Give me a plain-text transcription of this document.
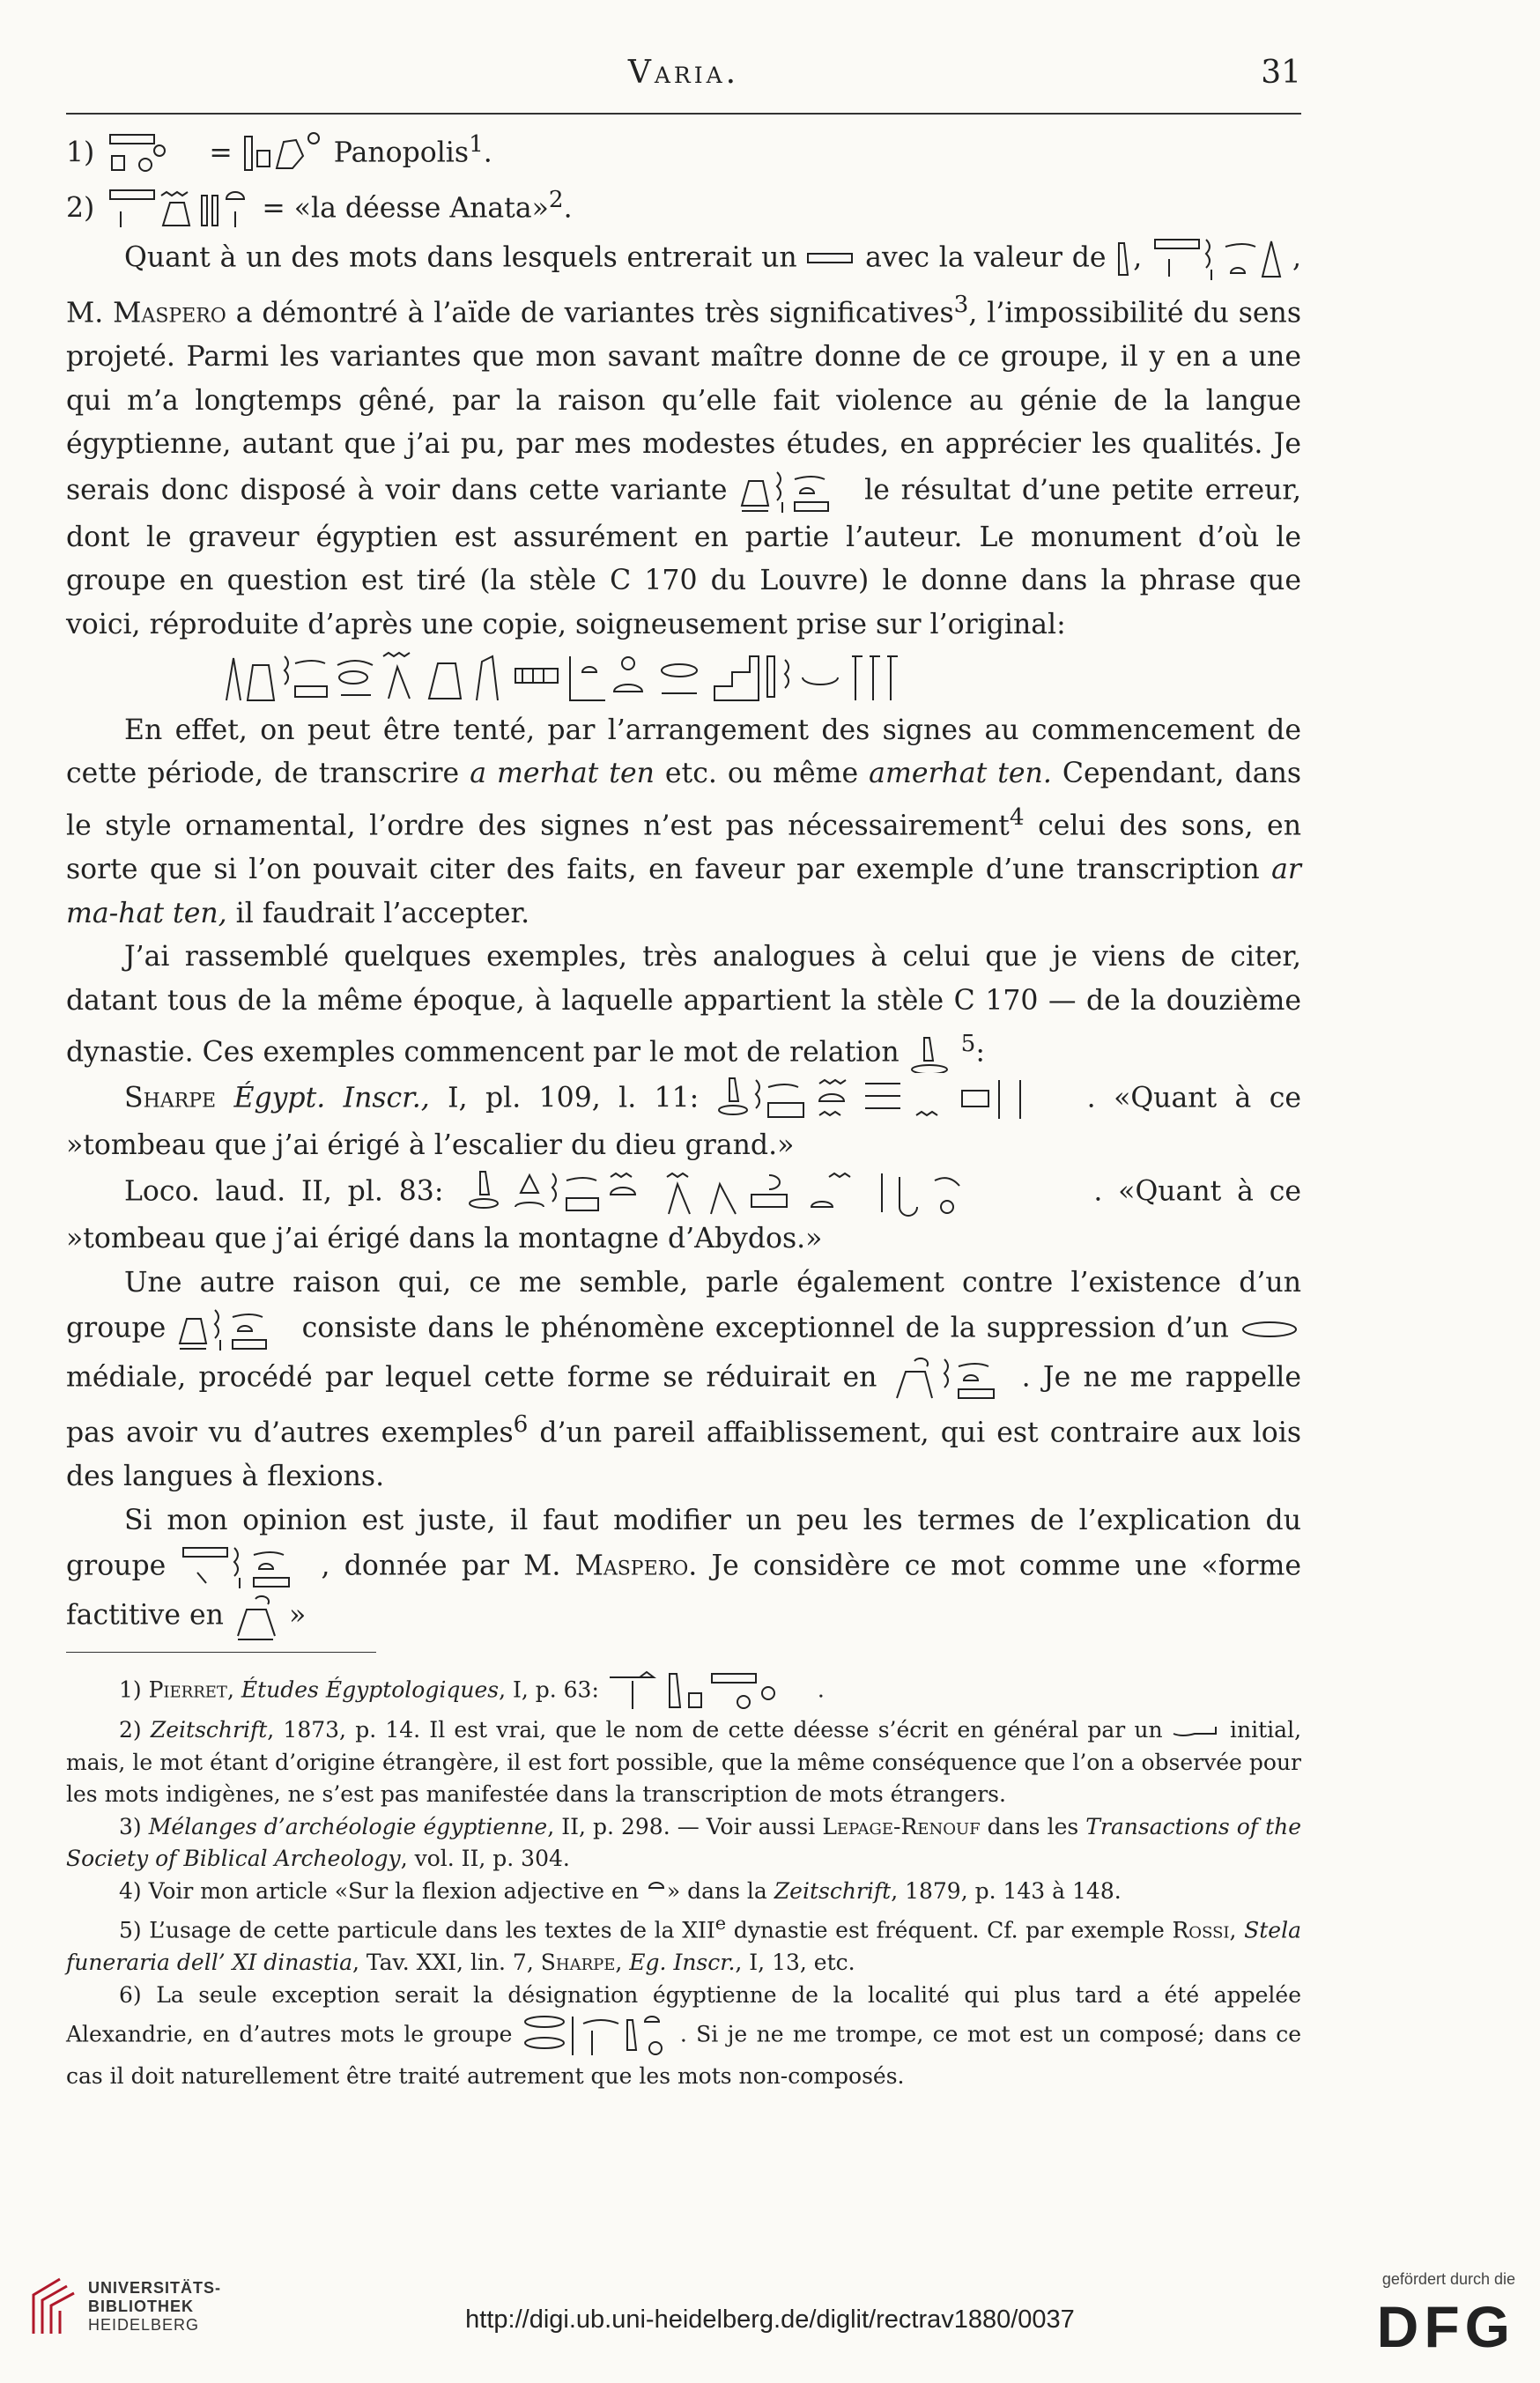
Varia.	31

1)	=	Panopolis$^1$.

2)	= «la déesse Anata»$^2$.

Quant à un des mots dans lesquels entrerait un avec la valeur de ,	, M. Maspero a démontré à l’aïde de variantes très significatives$^3$, l’impossibilité du sens projeté. Parmi les variantes que mon savant maître donne de ce groupe, il y en a une qui m’a longtemps gêné, par la raison qu’elle fait violence au génie de la langue égyptienne, autant que j’ai pu, par mes modestes études, en apprécier les qualités. Je serais donc disposé à voir dans cette variante	le résultat d’une petite erreur, dont le graveur égyptien est assurément en partie l’auteur. Le monument d’où le groupe en question est tiré (la stèle C 170 du Louvre) le donne dans la phrase que voici, réproduite d’après une copie, soigneusement prise sur l’original:

En effet, on peut être tenté, par l’arrangement des signes au commencement de cette période, de transcrire a merhat ten etc. ou même amerhat ten. Cependant, dans le style ornamental, l’ordre des signes n’est pas nécessairement$^4$ celui des sons, en sorte que si l’on pouvait citer des faits, en faveur par exemple d’une transcription ar ma-hat ten, il faudrait l’accepter.

J’ai rassemblé quelques exemples, très analogues à celui que je viens de citer, datant tous de la même époque, à laquelle appartient la stèle C 170 — de la douzième dynastie. Ces exemples commencent par le mot de relation	$^5$:

Sharpe Égypt. Inscr., I, pl. 109, l. 11:	. «Quant à ce »tombeau que j’ai érigé à l’escalier du dieu grand.»

Loco. laud. II, pl. 83:	. «Quant à ce »tombeau que j’ai érigé dans la montagne d’Abydos.»

Une autre raison qui, ce me semble, parle également contre l’existence d’un groupe	consiste dans le phénomène exceptionnel de la suppression d’un  médiale, procédé par lequel cette forme se réduirait en	. Je ne me rappelle pas avoir vu d’autres exemples$^6$ d’un pareil affaiblissement, qui est contraire aux lois des langues à flexions.

Si mon opinion est juste, il faut modifier un peu les termes de l’explication du groupe	, donnée par M. Maspero. Je considère ce mot comme une «forme factitive en »

1) Pierret, Études Égyptologiques, I, p. 63:	.

2) Zeitschrift, 1873, p. 14. Il est vrai, que le nom de cette déesse s’écrit en général par un	initial, mais, le mot étant d’origine étrangère, il est fort possible, que la même conséquence que l’on a observée pour les mots indigènes, ne s’est pas manifestée dans la transcription de mots étrangers.

3) Mélanges d’archéologie égyptienne, II, p. 298. — Voir aussi Lepage-Renouf dans les Transactions of the Society of Biblical Archeology, vol. II, p. 304.

4) Voir mon article «Sur la flexion adjective en » dans la Zeitschrift, 1879, p. 143 à 148.

5) L’usage de cette particule dans les textes de la XIIe dynastie est fréquent. Cf. par exemple Rossi, Stela funeraria dell’ XI dinastia, Tav. XXI, lin. 7, Sharpe, Eg. Inscr., I, 13, etc.

6) La seule exception serait la désignation égyptienne de la localité qui plus tard a été appelée Alexandrie, en d’autres mots le groupe	. Si je ne me trompe, ce mot est un composé; dans ce cas il doit naturellement être traité autrement que les mots non-composés.

UNIVERSITÄTS-
BIBLIOTHEK
HEIDELBERG	http://digi.ub.uni-heidelberg.de/diglit/rectrav1880/0037
gefördert durch die
DFG
